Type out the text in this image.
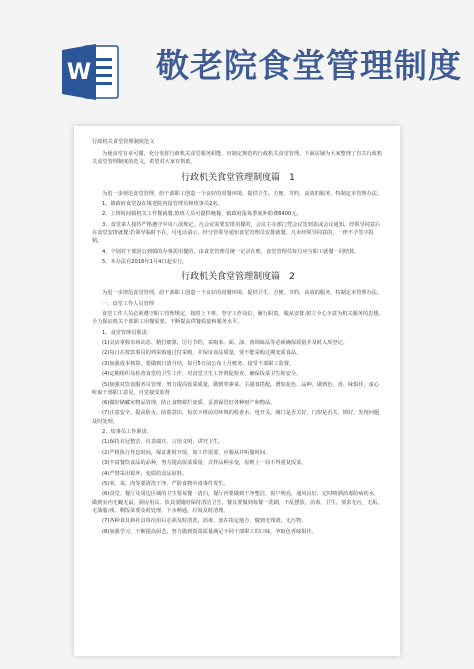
W 敬老院食堂管理制度
行政机关食堂管理制度范文

为使食堂有章可循，充分发挥行政机关食堂服务职能，应制定规范的行政机关食堂管理。下面店铺为大家整理了有关行政机关食堂管理制度的范文，希望对大家有帮助。

行政机关食堂管理制度篇　1

为进一步规范食堂管理，给干部职工创造一个良好的用餐环境，提供卫生、方便、节约、高效的服务，特制定本管理办法。

1、镇政府食堂设在镇老院内设管理员和炊事员2名。

2、上班时间镇机关工作餐就餐,值班人员可提供晚餐，镇政府报每季度补助费8400元。

3、食堂来人接待严格遵守中央八项规定，凡会议需要安排用餐的，会议主办部门凭会议签到表或会议通知，经领导同意后在食堂安排就餐;若领导临时不在，可电话请示，经分管领导通知食堂管理员安排就餐，凡未经领导同意的，一律不予签字报销。

4、个别对干部因公到镇的办事需用餐的，由食堂管理员统一记录在账，食堂管理员每月应与职工就餐一同结算。

5、本办法自2016年1月4日起实行。

行政机关食堂管理制度篇　2

为进一步规范食堂管理，给干部职工创造一个良好的用餐环境，提供卫生、方便、节约、高效的服务，特制定本管理办法。

一、食堂工作人员管理

食堂工作人员必须遵守职工管理规定，按时上下班，坚守工作岗位，履行职责，服从安排,树立全心全意为机关服务的思想,全力保证机关干部职工用餐需要，不断提高供餐质量和服务水平。

1、食堂管理员职责：

(1)灵活掌握市场动态、精打细算，厉行节约，采购米、面、油、肉调味品等必须确保质量并及时入库登记。

(2)每日在按饮事员的列采购通过付采购，并保证食品质量，要不能采购过期变质食品。

(3)加强成本核算，要做到日清月结，每月5日前公布上月账务，接受干部职工监督。

(4)定期组织及检查食堂的卫生工作，对食堂卫生工作督促检查，确保饭菜卫生和安全。

(5)加强对饮食服务员管理，努力提高饭菜质量，做到荤素菜、主副食搭配，增加花色、品种，做到色、香、味俱佳，虚心听取干部职工意见，自觉接受监督

(6)做好储藏室物品管理，防止食物霉烂变质、妥善保管好各种财产和物品。

(7)注意安全，提高防火、防盗意识，每次下班前对环境的检查水、电开关，阀门是否关好，门窗是否关，锁好，发现问题及时处理。

2、炊事员工作职责：

(1)保持衣冠整洁，仪表端庄，言语文明，讲究卫生。

(2)严格执行作息时间，保证准时开饭，如工作需要，应服从并听餐时间。

(3)丰富餐饮食品的品种，努力提高饭菜质量，式样品种多变，原则上一周不得重复饭菜。

(4)严禁采用霉坏，变质的食品原料。

(5)米、菜，肉等要清洗干净，严防食物中毒事件发生。

(6)食堂、餐厅及周边区域的卫生要每餐一清扫，餐厅内要做到干净整洁，窗户明亮，通风良好，定时喷洒消毒防病药水，做到室内无蝇无鼠，厨房用具、炊具要随时保持清洁卫生，餐具要做到每餐一洗刷，不乱摆放，消毒，卫生，要求无污，无垢，无油脂;残、剩饭菜要及时处理，下水畅通，垃圾及时清理。

(7)各种食具和社具每次用后必须及时清洗，消毒，放在指定地方，做到无残渣，无污物。

(8)加强学习，不断提高厨艺，努力做到饭菜质量满足不同干部职工的口味，争取色香味俱佳。
